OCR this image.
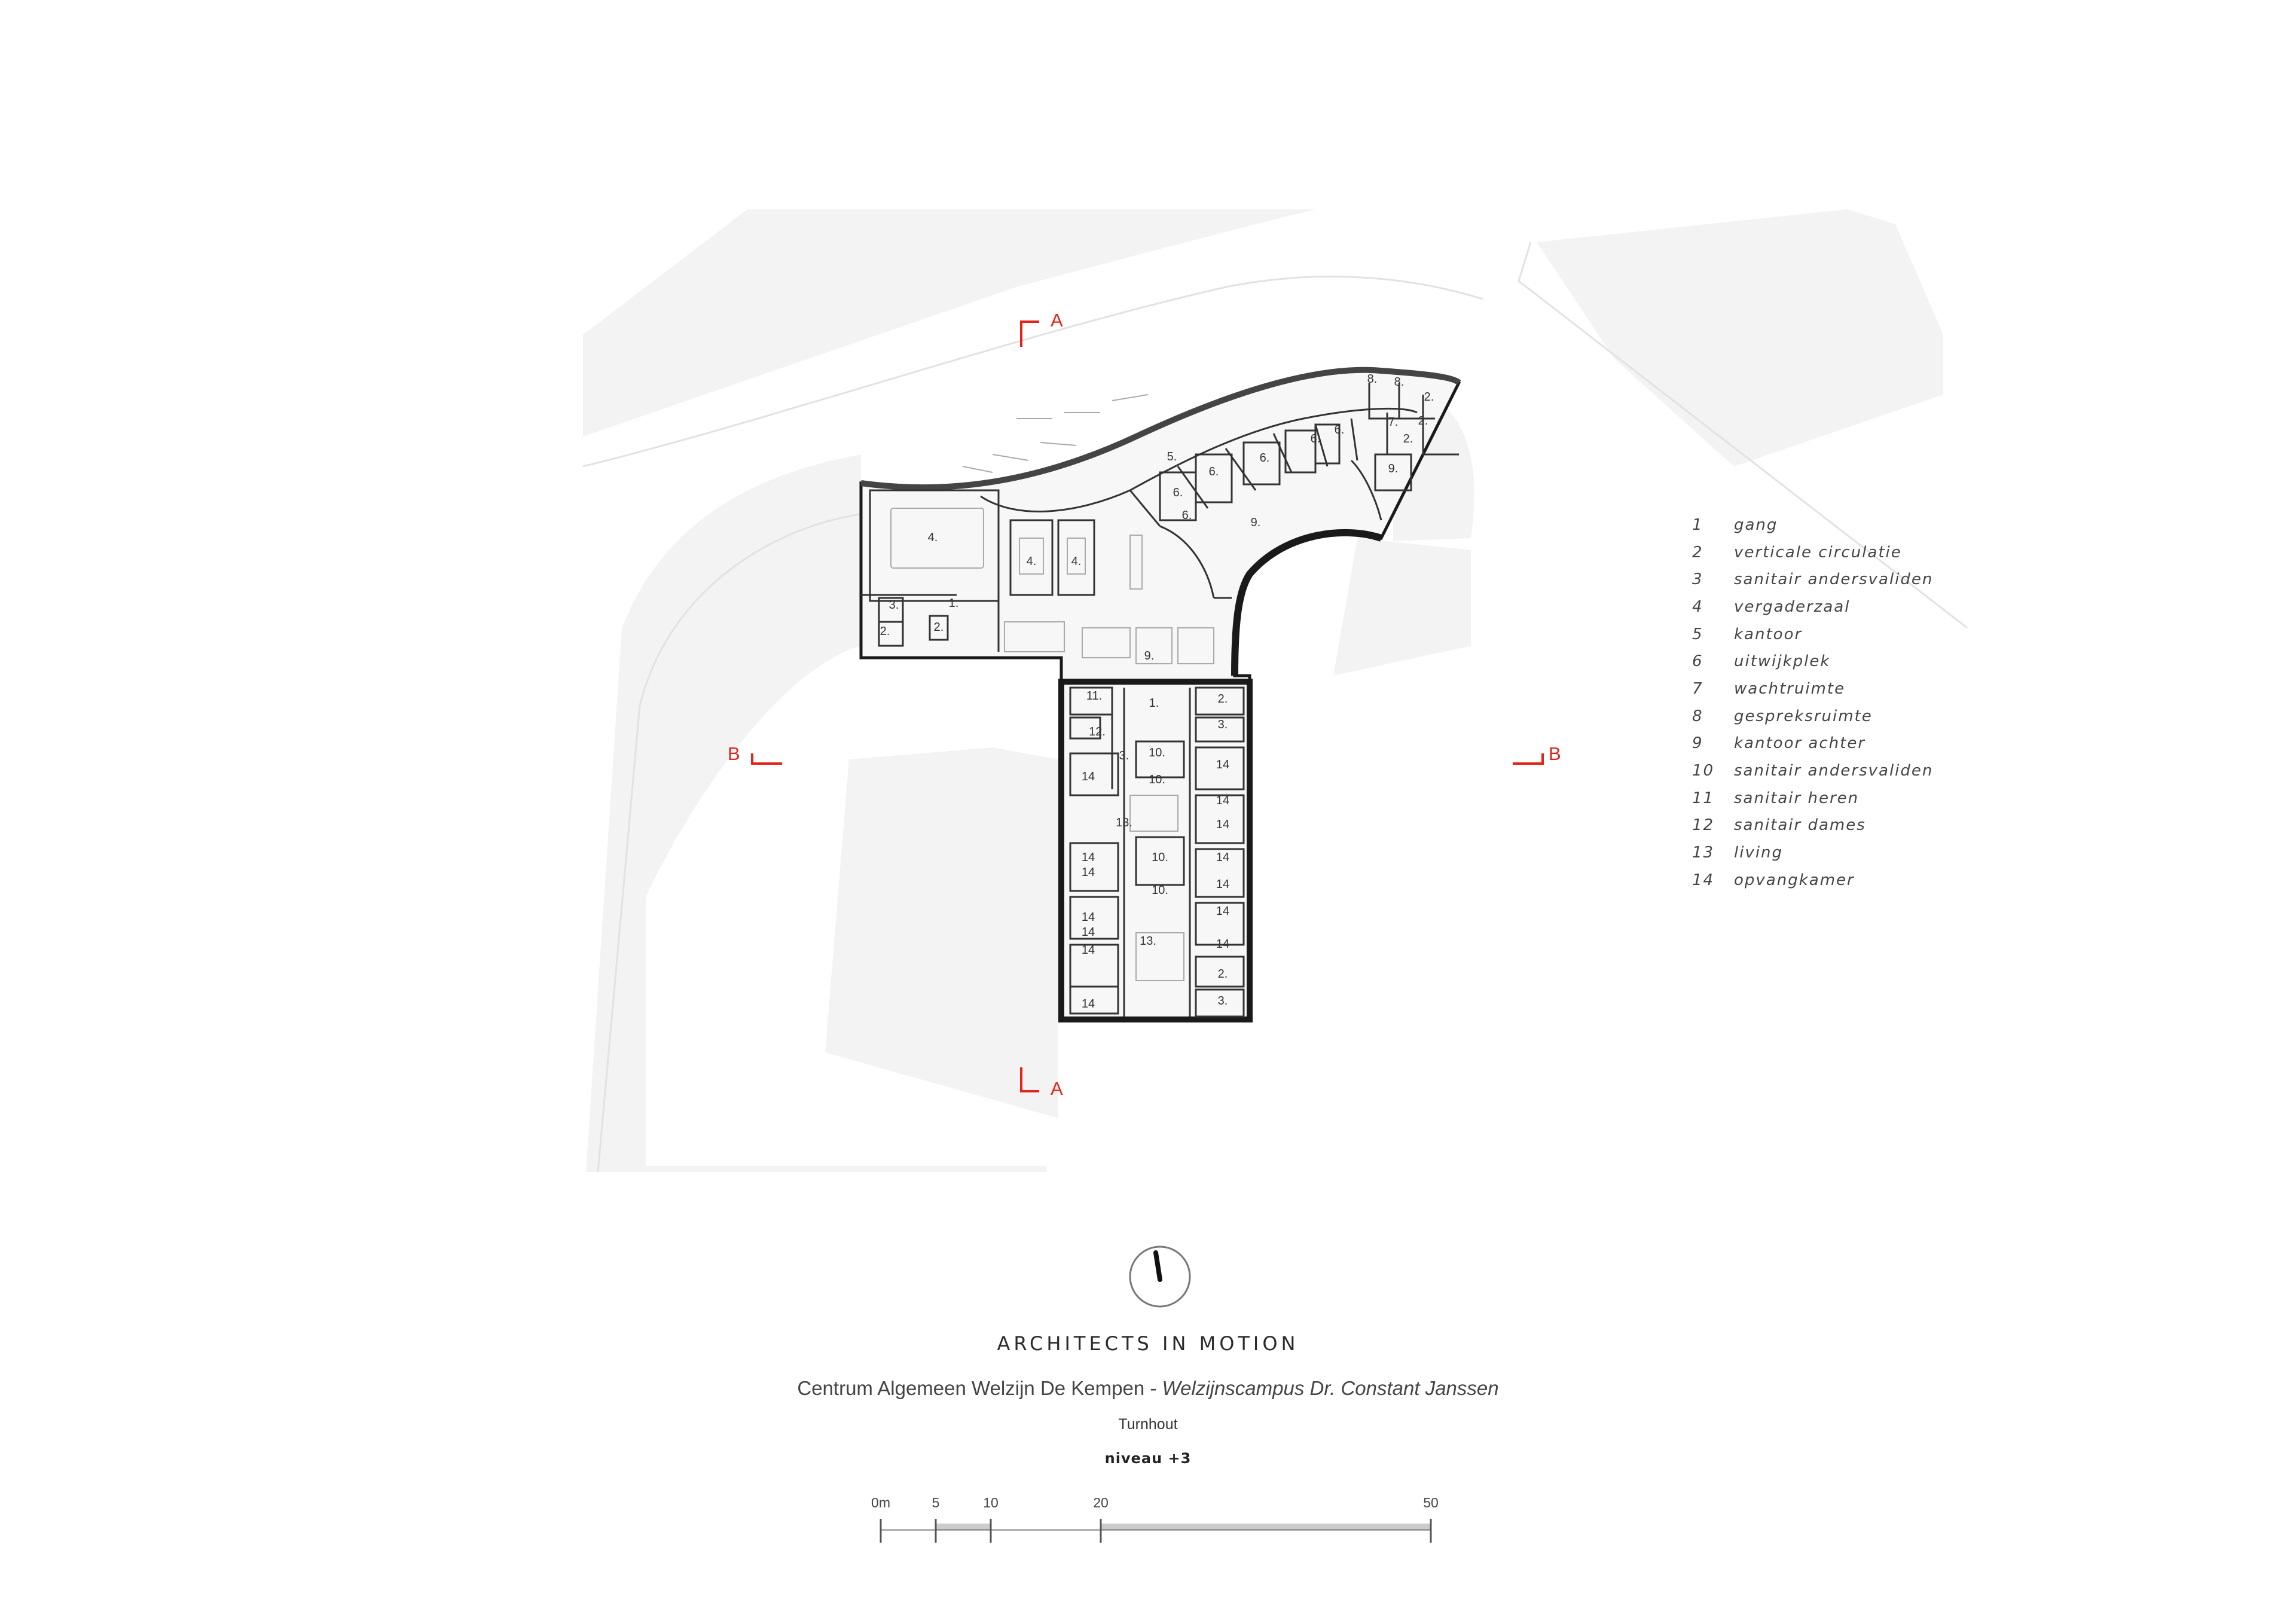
4.
4.	4.
1.
3.
2.	2.
9.
11.
1.
12.
3. 10.
10.
14
13.
14
14
10.
10.
14
14
14
13.
14
2.
3.
14
14
14
14
14
14
14
2.
3.
8. 8.
2.
2.
7.
2.
9.
6.
6.
6.
6.
6.
6.
9.
5.
A
A
B	B
1	gang
2	verticale circulatie
3	sanitair andersvaliden
4	vergaderzaal
5	kantoor
6	uitwijkplek
7	wachtruimte
8	gespreksruimte
9	kantoor achter
10	sanitair andersvaliden
11	sanitair heren
12	sanitair dames
13	living
14	opvangkamer
ARCHITECTS IN MOTION
Centrum Algemeen Welzijn De Kempen - Welzijnscampus Dr. Constant Janssen
Turnhout
niveau +3
0m	5	10	20	50
